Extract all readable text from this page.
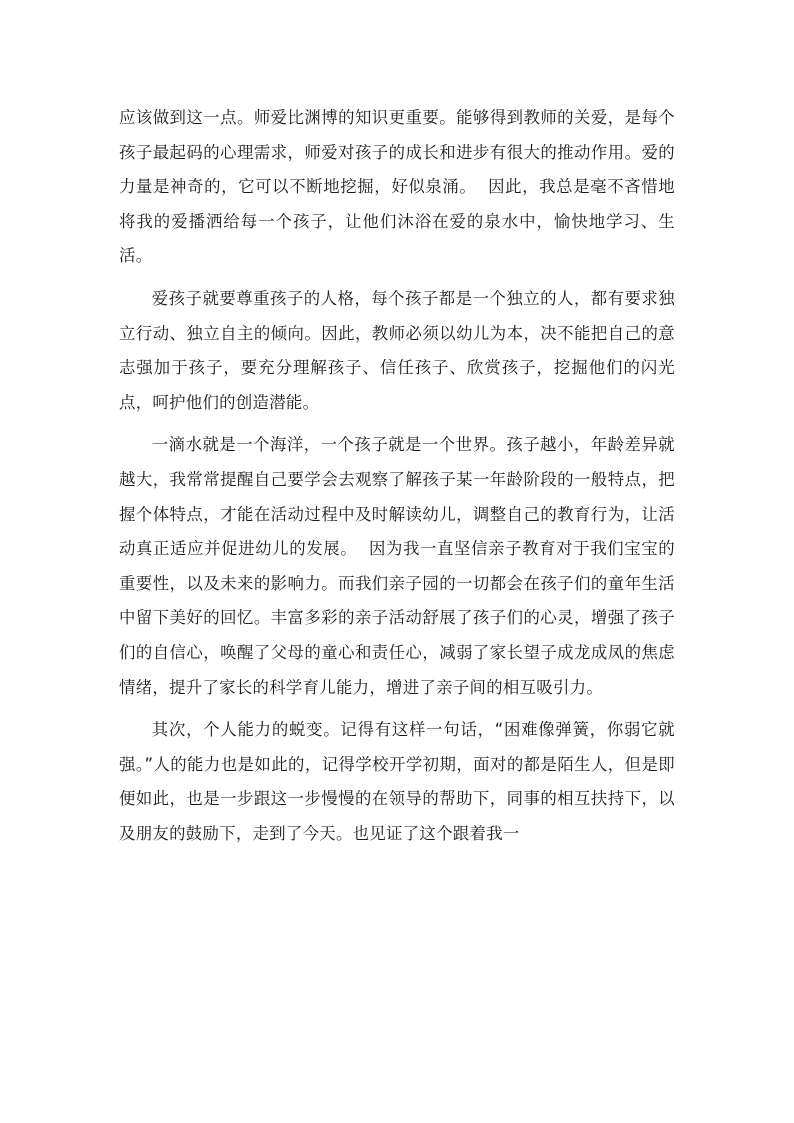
应该做到这一点。师爱比渊博的知识更重要。能够得到教师的关爱，是每个孩子最起码的心理需求，师爱对孩子的成长和进步有很大的推动作用。爱的力量是神奇的，它可以不断地挖掘，好似泉涌。  因此，我总是毫不吝惜地将我的爱播洒给每一个孩子，让他们沐浴在爱的泉水中，愉快地学习、生活。

爱孩子就要尊重孩子的人格，每个孩子都是一个独立的人，都有要求独立行动、独立自主的倾向。因此，教师必须以幼儿为本，决不能把自己的意志强加于孩子，要充分理解孩子、信任孩子、欣赏孩子，挖掘他们的闪光点，呵护他们的创造潜能。

一滴水就是一个海洋，一个孩子就是一个世界。孩子越小，年龄差异就越大，我常常提醒自己要学会去观察了解孩子某一年龄阶段的一般特点，把握个体特点，才能在活动过程中及时解读幼儿，调整自己的教育行为，让活动真正适应并促进幼儿的发展。  因为我一直坚信亲子教育对于我们宝宝的重要性，以及未来的影响力。而我们亲子园的一切都会在孩子们的童年生活中留下美好的回忆。丰富多彩的亲子活动舒展了孩子们的心灵，增强了孩子们的自信心，唤醒了父母的童心和责任心，减弱了家长望子成龙成凤的焦虑情绪，提升了家长的科学育儿能力，增进了亲子间的相互吸引力。

其次，个人能力的蜕变。记得有这样一句话，“困难像弹簧，你弱它就强。”人的能力也是如此的，记得学校开学初期，面对的都是陌生人，但是即便如此，也是一步跟这一步慢慢的在领导的帮助下，同事的相互扶持下，以及朋友的鼓励下，走到了今天。也见证了这个跟着我一
